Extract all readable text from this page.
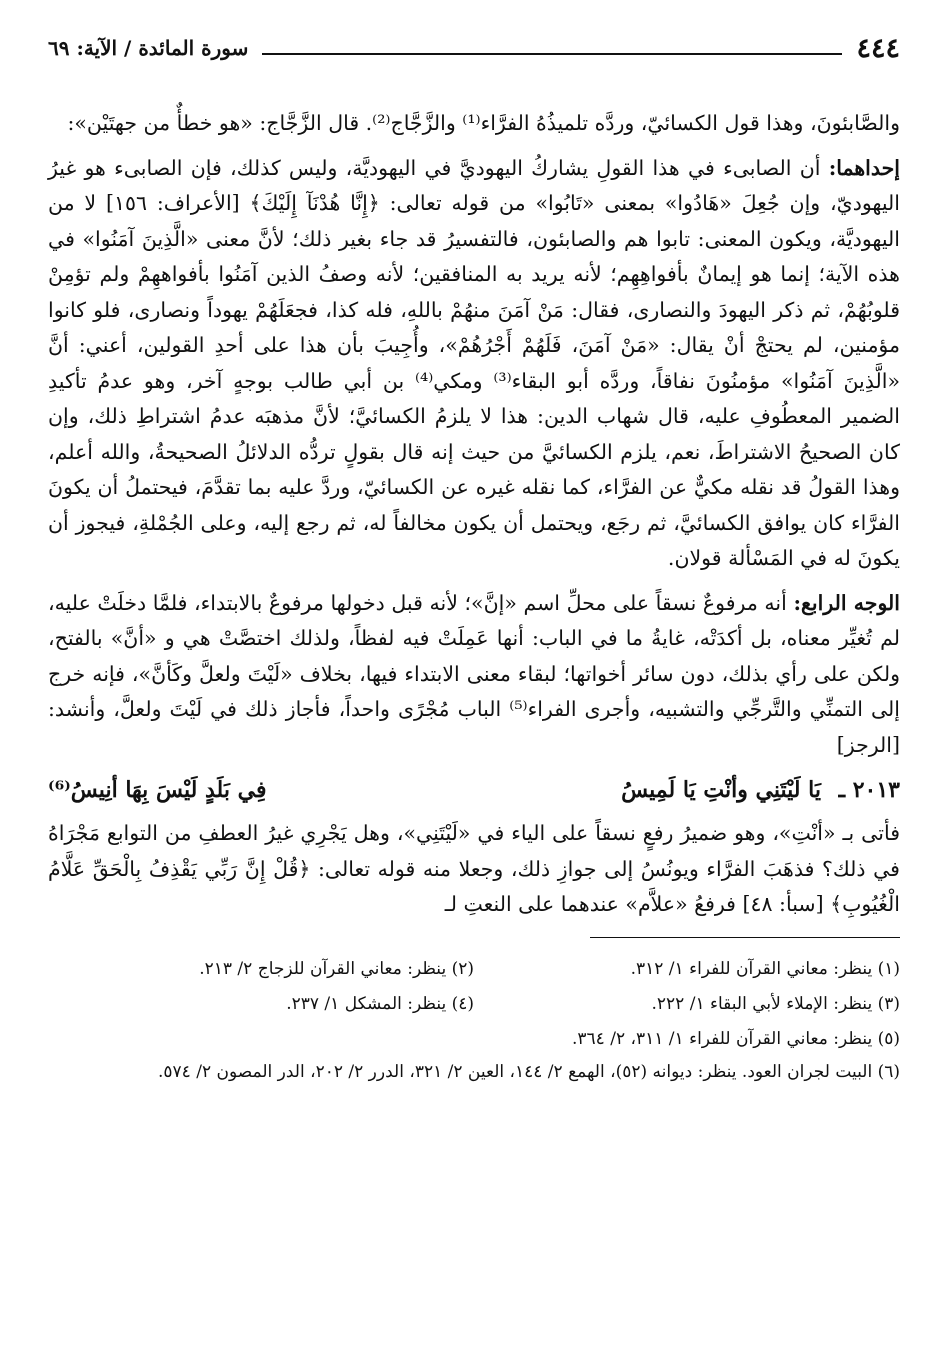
٤٤٤
سورة المائدة / الآية: ٦٩

والصَّابئونَ، وهذا قول الكسائيّ، وردَّه تلميذُهُ الفرَّاء⁽¹⁾ والزَّجَّاج⁽²⁾. قال الزَّجَّاج: «هو خطأٌ من جهتَيْن»:

إحداهما: أن الصابىء في هذا القولِ يشاركُ اليهوديَّ في اليهوديَّة، وليس كذلك، فإن الصابىء هو غيرُ اليهوديّ، وإن جُعِلَ «هَادُوا» بمعنى «تَابُوا» من قوله تعالى: ﴿إِنَّا هُدْنَآ إِلَيْكَ﴾ [الأعراف: ١٥٦] لا من اليهوديَّة، ويكون المعنى: تابوا هم والصابئون، فالتفسيرُ قد جاء بغير ذلك؛ لأنَّ معنى «الَّذِينَ آمَنُوا» في هذه الآية؛ إنما هو إيمانٌ بأفواهِهِم؛ لأنه يريد به المنافقين؛ لأنه وصفُ الذين آمَنُوا بأفواههِمْ ولم تؤمِنْ قلوبُهُمْ، ثم ذكر اليهودَ والنصارى، فقال: مَنْ آمَنَ منهُمْ باللهِ، فله كذا، فجعَلَهُمْ يهوداً ونصارى، فلو كانوا مؤمنين، لم يحتجْ أنْ يقال: «مَنْ آمَنَ، فَلَهُمْ أَجْرُهُمْ»، وأُجِيبَ بأن هذا على أحدِ القولين، أعني: أنَّ «الَّذِينَ آمَنُوا» مؤمنُونَ نفاقاً، وردَّه أبو البقاء⁽³⁾ ومكي⁽⁴⁾ بن أبي طالب بوجهٍ آخر، وهو عدمُ تأكيدِ الضمير المعطُوفِ عليه، قال شهاب الدين: هذا لا يلزمُ الكسائيَّ؛ لأنَّ مذهبَه عدمُ اشتراطِ ذلك، وإن كان الصحيحُ الاشتراطَ، نعم، يلزم الكسائيَّ من حيث إنه قال بقولٍ تردُّه الدلائلُ الصحيحةُ، والله أعلم، وهذا القولُ قد نقله مكيٌّ عن الفرَّاء، كما نقله غيره عن الكسائيّ، وردَّ عليه بما تقدَّمَ، فيحتملُ أن يكونَ الفرَّاء كان يوافق الكسائيَّ، ثم رجَع، ويحتمل أن يكون مخالفاً له، ثم رجع إليه، وعلى الجُمْلةِ، فيجوز أن يكونَ له في المَسْألة قولان.

الوجه الرابع: أنه مرفوعٌ نسقاً على محلِّ اسم «إنَّ»؛ لأنه قبل دخولها مرفوعٌ بالابتداء، فلمَّا دخلَتْ عليه، لم تُغيِّر معناه، بل أكدَتْه، غايةُ ما في الباب: أنها عَمِلَتْ فيه لفظاً، ولذلك اختصَّتْ هي و «أنَّ» بالفتح، ولكن على رأي بذلك، دون سائر أخواتها؛ لبقاء معنى الابتداء فيها، بخلاف «لَيْتَ ولعلَّ وكَأنَّ»، فإنه خرج إلى التمنِّي والتَّرجِّي والتشبيه، وأجرى الفراء⁽⁵⁾ الباب مُجْرًى واحداً، فأجاز ذلك في لَيْتَ ولعلَّ، وأنشد: [الرجز]

٢٠١٣ ـ يَا لَيْتَنِي وأنْتِ يَا لَمِيسُ
فِي بَلَدٍ لَيْسَ بِهَا أنِيسُ⁽⁶⁾

فأتى بـ «أنْتِ»، وهو ضميرُ رفعٍ نسقاً على الياء في «لَيْتَنِي»، وهل يَجْرِي غيرُ العطفِ من التوابع مَجْرَاهُ في ذلك؟ فذهَبَ الفرَّاء ويونُسُ إلى جوازِ ذلك، وجعلا منه قوله تعالى: ﴿قُلْ إِنَّ رَبِّي يَقْذِفُ بِالْحَقِّ عَلَّامُ الْغُيُوبِ﴾ [سبأ: ٤٨] فرفعُ «علاَّم» عندهما على النعتِ لـ

(١) ينظر: معاني القرآن للفراء ١/ ٣١٢.
(٢) ينظر: معاني القرآن للزجاج ٢/ ٢١٣.
(٣) ينظر: الإملاء لأبي البقاء ١/ ٢٢٢.
(٤) ينظر: المشكل ١/ ٢٣٧.
(٥) ينظر: معاني القرآن للفراء ١/ ٣١١، ٢/ ٣٦٤.
(٦) البيت لجران العود. ينظر: ديوانه (٥٢)، الهمع ٢/ ١٤٤، العين ٢/ ٣٢١، الدرر ٢/ ٢٠٢، الدر المصون ٢/ ٥٧٤.
